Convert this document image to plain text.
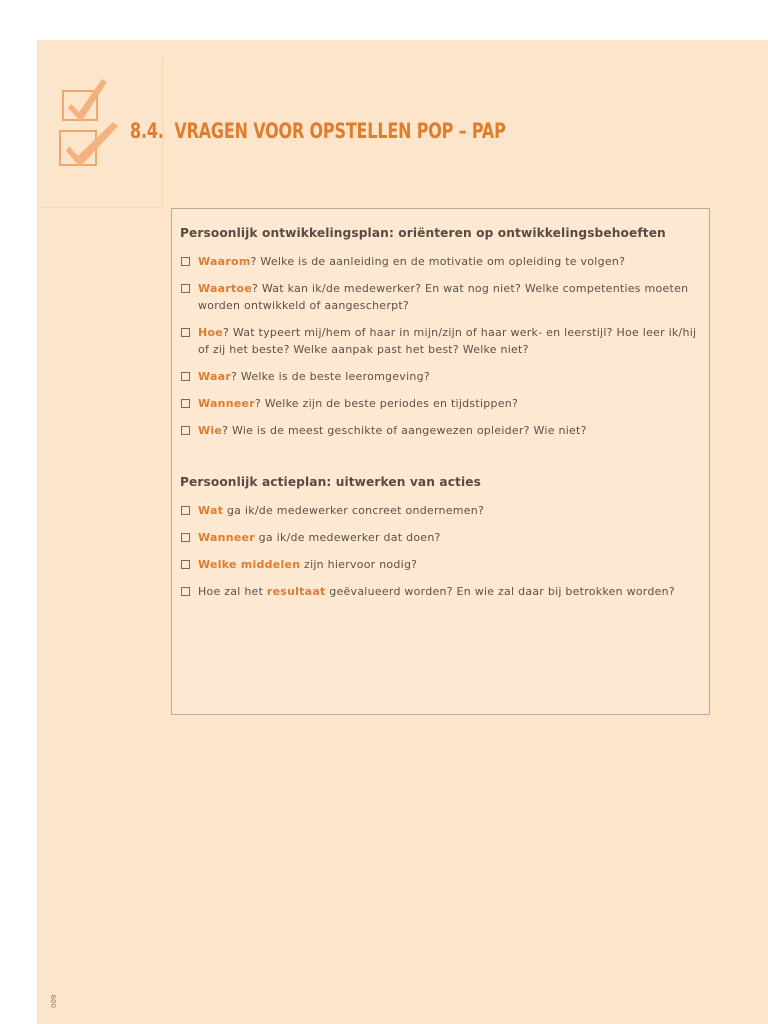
8.4. VRAGEN VOOR OPSTELLEN POP – PAP
Persoonlijk ontwikkelingsplan: oriënteren op ontwikkelingsbehoeften
Waarom? Welke is de aanleiding en de motivatie om opleiding te volgen?
Waartoe? Wat kan ik/de medewerker? En wat nog niet? Welke competenties moeten worden ontwikkeld of aangescherpt?
Hoe? Wat typeert mij/hem of haar in mijn/zijn of haar werk- en leerstijl? Hoe leer ik/hij of zij het beste? Welke aanpak past het best? Welke niet?
Waar? Welke is de beste leeromgeving?
Wanneer? Welke zijn de beste periodes en tijdstippen?
Wie? Wie is de meest geschikte of aangewezen opleider? Wie niet?
Persoonlijk actieplan: uitwerken van acties
Wat ga ik/de medewerker concreet ondernemen?
Wanneer ga ik/de medewerker dat doen?
Welke middelen zijn hiervoor nodig?
Hoe zal het resultaat geëvalueerd worden? En wie zal daar bij betrokken worden?
009
